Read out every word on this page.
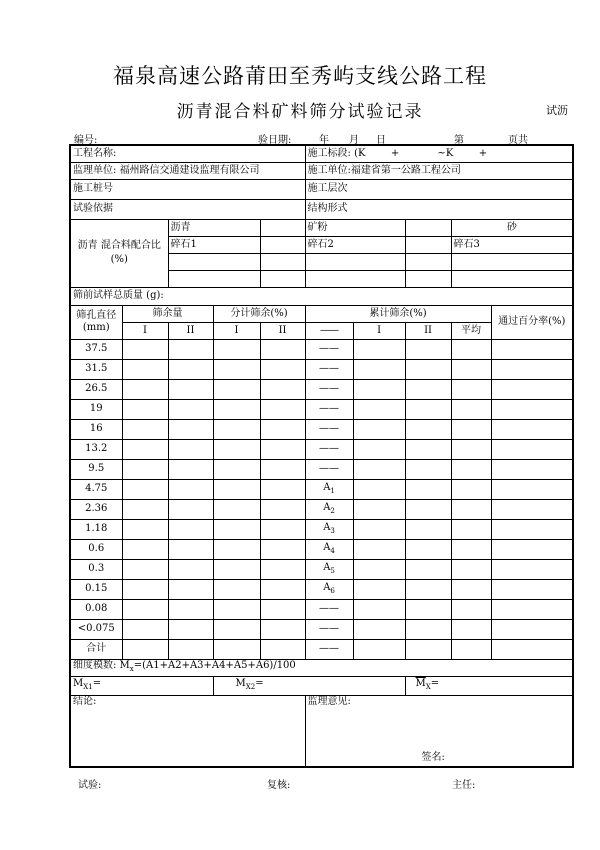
福泉高速公路莆田至秀屿支线公路工程
沥青混合料矿料筛分试验记录	试沥
编号:	验日期:	年 月 日	第	页共
工程名称:					施工标段: (K        +            ~K        +				
监理单位: 福州路信交通建设监理有限公司					施工单位:福建省第一公路工程公司				
施工桩号					施工层次				
试验依据					结构形式				
沥青 混合料配合比 (%)		沥青			矿粉			砂	
		碎石1			碎石2			碎石3	

筛前试样总质量 (g):									
筛孔直径 (mm)	筛余量		分计筛余(%)		累计筛余(%)				通过百分率(%)
	I	II	I	II	——	I	II	平均	
37.5					——				
31.5					——				
26.5					——				
19					——				
16					——				
13.2					——				
9.5					——				
4.75					$A_1$				
2.36					$A_2$				
1.18					$A_3$				
0.6					$A_4$				
0.3					$A_5$				
0.15					$A_6$				
0.08					——				
<0.075					——				
合计					——				
细度模数: $M_x=(A1+A2+A3+A4+A5+A6)/100$									
$M_{X1}=$			$M_{X2}=$				$\overline{M}_X=$		
结论:					监理意见:
签名:				
试验:	复核:	主任:
